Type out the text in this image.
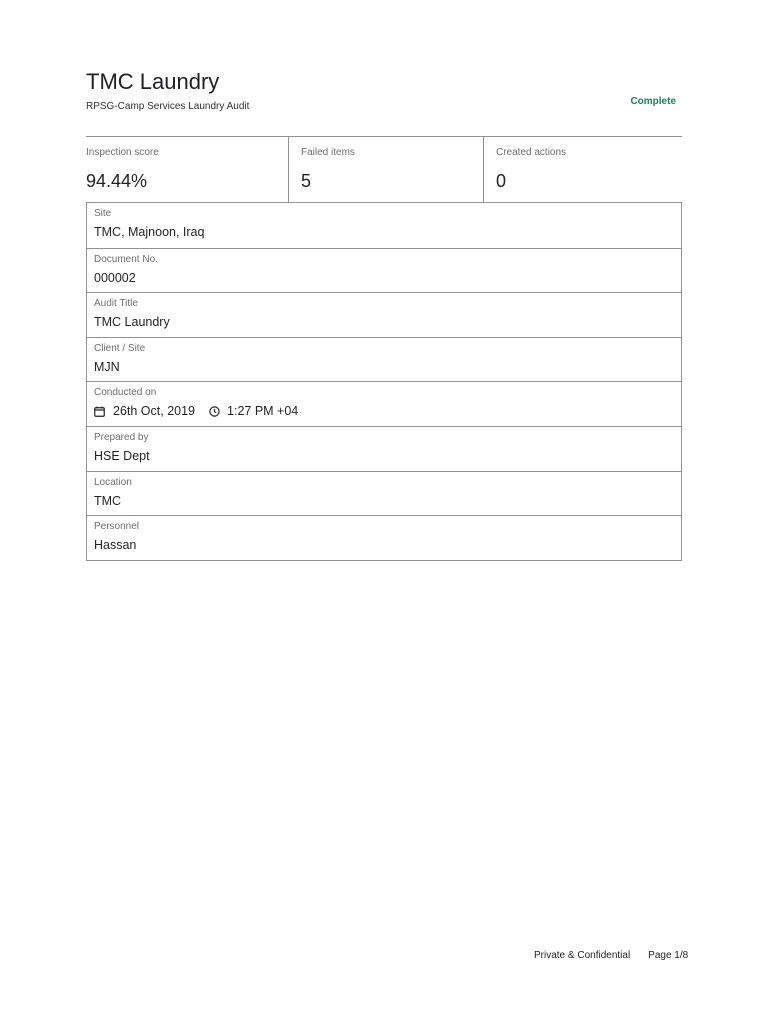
TMC Laundry
RPSG-Camp Services Laundry Audit	Complete
Inspection score
94.44%
Failed items
5
Created actions
0
Site
TMC, Majnoon, Iraq
Document No.
000002
Audit Title
TMC Laundry
Client / Site
MJN
Conducted on
26th Oct, 2019	1:27 PM +04
Prepared by
HSE Dept
Location
TMC
Personnel
Hassan
Private & Confidential Page 1/8
